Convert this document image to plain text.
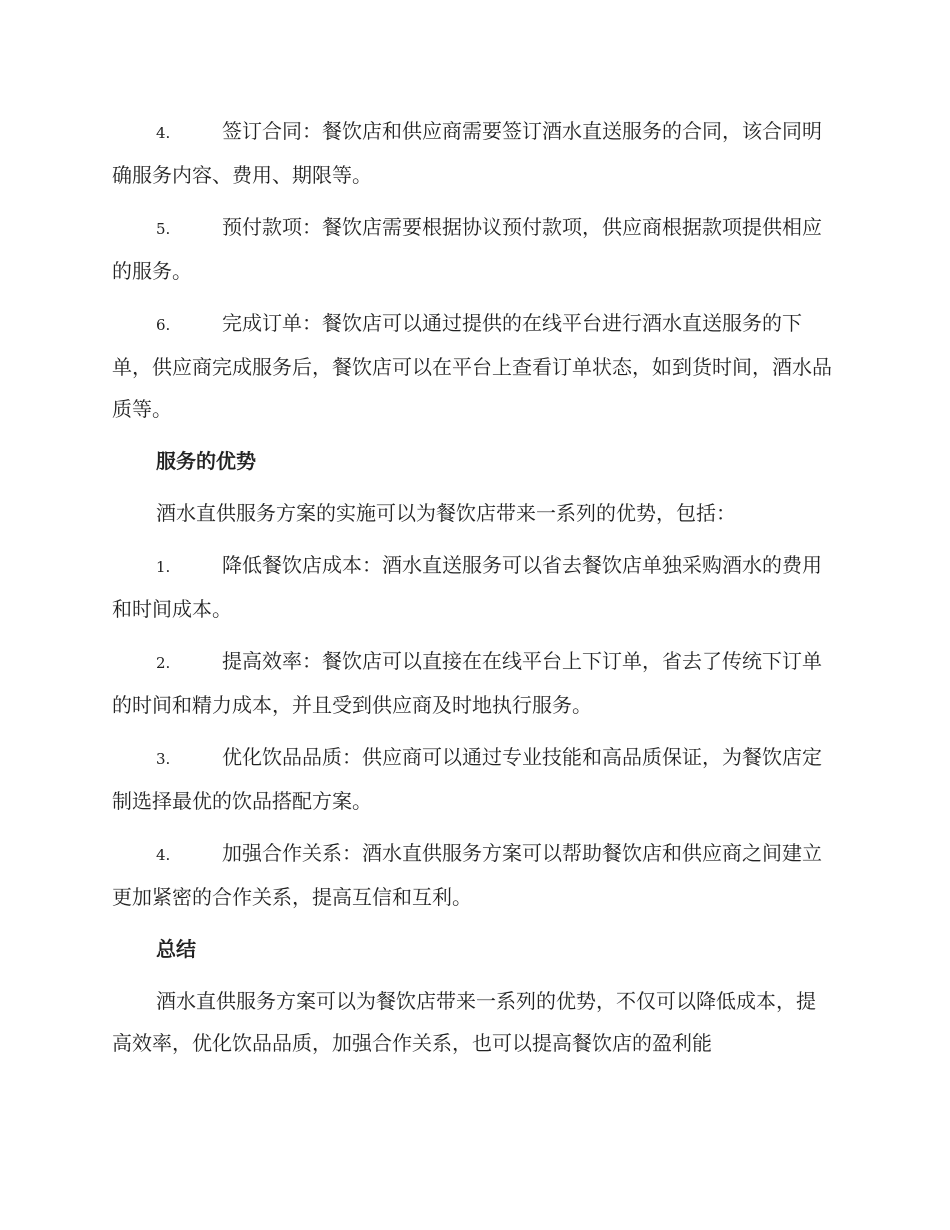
4.	签订合同：餐饮店和供应商需要签订酒水直送服务的合同，该合同明确服务内容、费用、期限等。
5.	预付款项：餐饮店需要根据协议预付款项，供应商根据款项提供相应的服务。
6.	完成订单：餐饮店可以通过提供的在线平台进行酒水直送服务的下单，供应商完成服务后，餐饮店可以在平台上查看订单状态，如到货时间，酒水品质等。
服务的优势
酒水直供服务方案的实施可以为餐饮店带来一系列的优势，包括：
1.	降低餐饮店成本：酒水直送服务可以省去餐饮店单独采购酒水的费用和时间成本。
2.	提高效率：餐饮店可以直接在在线平台上下订单，省去了传统下订单的时间和精力成本，并且受到供应商及时地执行服务。
3.	优化饮品品质：供应商可以通过专业技能和高品质保证，为餐饮店定制选择最优的饮品搭配方案。
4.	加强合作关系：酒水直供服务方案可以帮助餐饮店和供应商之间建立更加紧密的合作关系，提高互信和互利。
总结
酒水直供服务方案可以为餐饮店带来一系列的优势，不仅可以降低成本，提高效率，优化饮品品质，加强合作关系，也可以提高餐饮店的盈利能
